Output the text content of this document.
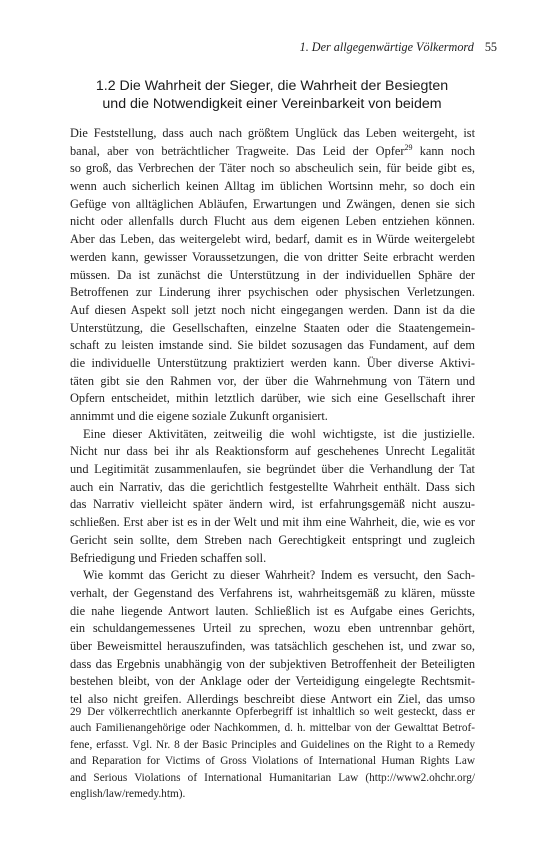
1. Der allgegenwärtige Völkermord 55
1.2 Die Wahrheit der Sieger, die Wahrheit der Besiegten
und die Notwendigkeit einer Vereinbarkeit von beidem
Die Feststellung, dass auch nach größtem Unglück das Leben weitergeht, ist
banal, aber von beträchtlicher Tragweite. Das Leid der Opfer$^{29}$ kann noch
so groß, das Verbrechen der Täter noch so abscheulich sein, für beide gibt es,
wenn auch sicherlich keinen Alltag im üblichen Wortsinn mehr, so doch ein
Gefüge von alltäglichen Abläufen, Erwartungen und Zwängen, denen sie sich
nicht oder allenfalls durch Flucht aus dem eigenen Leben entziehen können.
Aber das Leben, das weitergelebt wird, bedarf, damit es in Würde weitergelebt
werden kann, gewisser Voraussetzungen, die von dritter Seite erbracht werden
müssen. Da ist zunächst die Unterstützung in der individuellen Sphäre der
Betroffenen zur Linderung ihrer psychischen oder physischen Verletzungen.
Auf diesen Aspekt soll jetzt noch nicht eingegangen werden. Dann ist da die
Unterstützung, die Gesellschaften, einzelne Staaten oder die Staatengemein-
schaft zu leisten imstande sind. Sie bildet sozusagen das Fundament, auf dem
die individuelle Unterstützung praktiziert werden kann. Über diverse Aktivi-
täten gibt sie den Rahmen vor, der über die Wahrnehmung von Tätern und
Opfern entscheidet, mithin letztlich darüber, wie sich eine Gesellschaft ihrer
annimmt und die eigene soziale Zukunft organisiert.
Eine dieser Aktivitäten, zeitweilig die wohl wichtigste, ist die justizielle.
Nicht nur dass bei ihr als Reaktionsform auf geschehenes Unrecht Legalität
und Legitimität zusammenlaufen, sie begründet über die Verhandlung der Tat
auch ein Narrativ, das die gerichtlich festgestellte Wahrheit enthält. Dass sich
das Narrativ vielleicht später ändern wird, ist erfahrungsgemäß nicht auszu-
schließen. Erst aber ist es in der Welt und mit ihm eine Wahrheit, die, wie es vor
Gericht sein sollte, dem Streben nach Gerechtigkeit entspringt und zugleich
Befriedigung und Frieden schaffen soll.
Wie kommt das Gericht zu dieser Wahrheit? Indem es versucht, den Sach-
verhalt, der Gegenstand des Verfahrens ist, wahrheitsgemäß zu klären, müsste
die nahe liegende Antwort lauten. Schließlich ist es Aufgabe eines Gerichts,
ein schuldangemessenes Urteil zu sprechen, wozu eben untrennbar gehört,
über Beweismittel herauszufinden, was tatsächlich geschehen ist, und zwar so,
dass das Ergebnis unabhängig von der subjektiven Betroffenheit der Beteiligten
bestehen bleibt, von der Anklage oder der Verteidigung eingelegte Rechtsmit-
tel also nicht greifen. Allerdings beschreibt diese Antwort ein Ziel, das umso
29 Der völkerrechtlich anerkannte Opferbegriff ist inhaltlich so weit gesteckt, dass er
auch Familienangehörige oder Nachkommen, d. h. mittelbar von der Gewalttat Betrof-
fene, erfasst. Vgl. Nr. 8 der Basic Principles and Guidelines on the Right to a Remedy
and Reparation for Victims of Gross Violations of International Human Rights Law
and Serious Violations of International Humanitarian Law (http://www2.ohchr.org/
english/law/remedy.htm).
